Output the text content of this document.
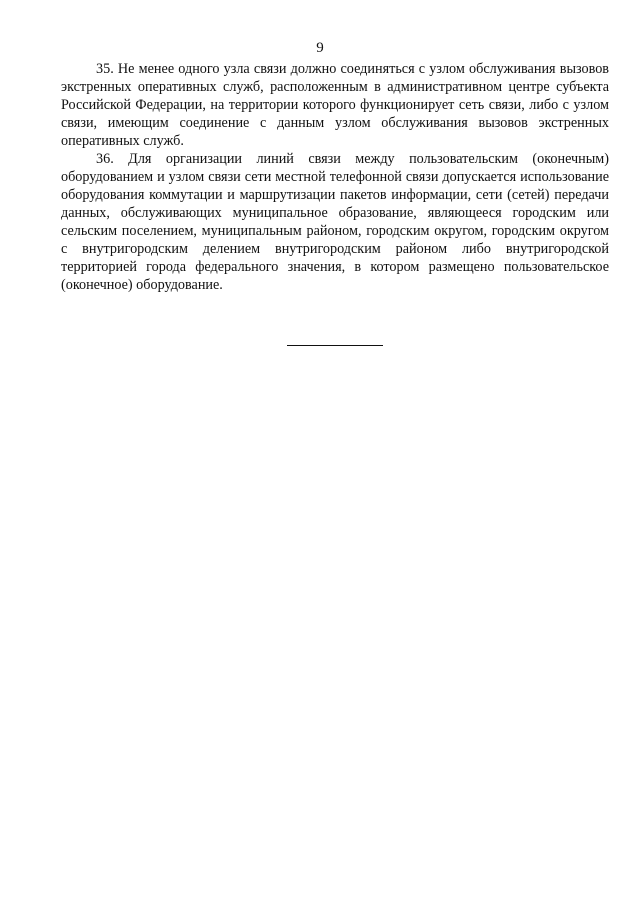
9

35. Не менее одного узла связи должно соединяться с узлом обслуживания вызовов экстренных оперативных служб, расположенным в административном центре субъекта Российской Федерации, на территории которого функционирует сеть связи, либо с узлом связи, имеющим соединение с данным узлом обслуживания вызовов экстренных оперативных служб.

36. Для организации линий связи между пользовательским (оконечным) оборудованием и узлом связи сети местной телефонной связи допускается использование оборудования коммутации и маршрутизации пакетов информации, сети (сетей) передачи данных, обслуживающих муниципальное образование, являющееся городским или сельским поселением, муниципальным районом, городским округом, городским округом с внутригородским делением внутригородским районом либо внутригородской территорией города федерального значения, в котором размещено пользовательское (оконечное) оборудование.
